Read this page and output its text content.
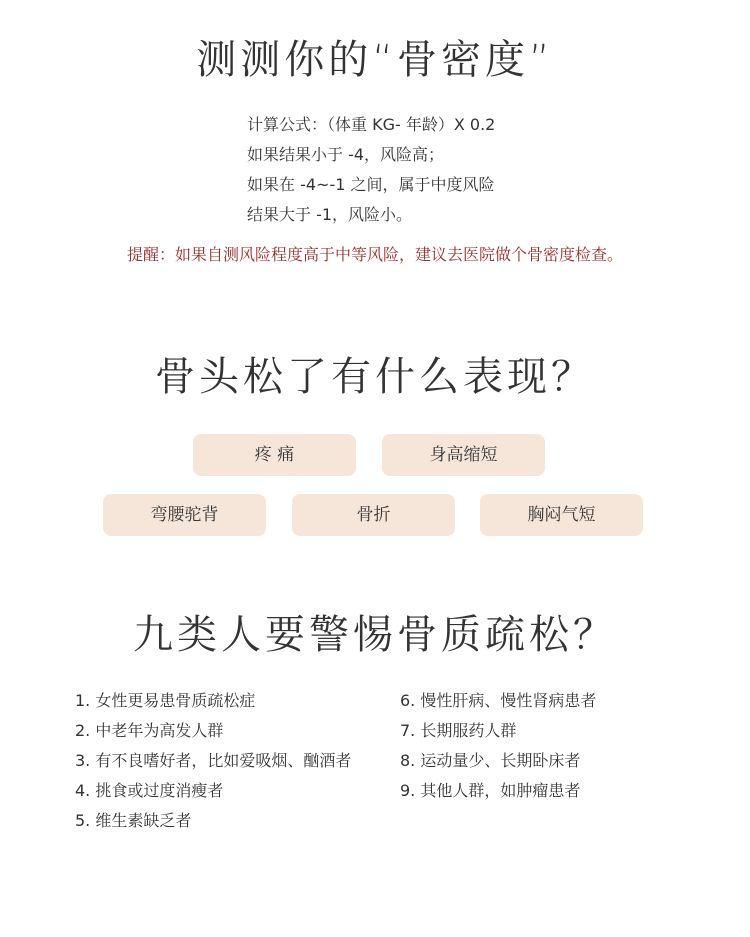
测测你的“骨密度”
计算公式：（体重 KG- 年龄）X 0.2
如果结果小于 -4，风险高；
如果在 -4~-1 之间，属于中度风险
结果大于 -1，风险小。
提醒：如果自测风险程度高于中等风险，建议去医院做个骨密度检查。
骨头松了有什么表现？
疼 痛	身高缩短
弯腰驼背	骨折	胸闷气短
九类人要警惕骨质疏松？
1. 女性更易患骨质疏松症
2. 中老年为高发人群
3. 有不良嗜好者，比如爱吸烟、酗酒者
4. 挑食或过度消瘦者
5. 维生素缺乏者
6. 慢性肝病、慢性肾病患者
7. 长期服药人群
8. 运动量少、长期卧床者
9. 其他人群，如肿瘤患者
